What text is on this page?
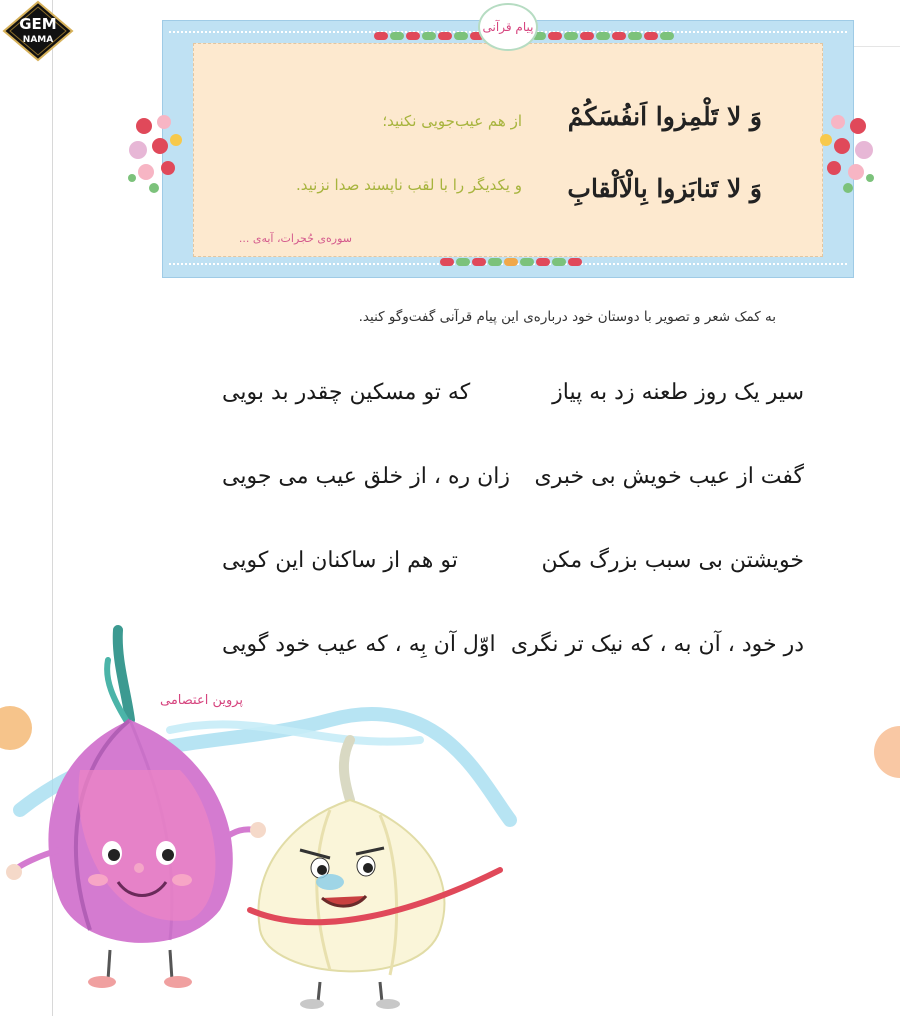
GEM
NAMA
وَ لا تَلْمِزوا اَنفُسَکُمْ
وَ لا تَنابَزوا بِالْاَلْقابِ
از هم عیب‌جویی نکنید؛
و یکدیگر را با لقب ناپسند صدا نزنید.
سوره‌ی حُجرات، آیه‌ی ...
پیام قرآنی
به کمک شعر و تصویر با دوستان خود درباره‌ی این پیام قرآنی گفت‌وگو کنید.
سیر یک روز طعنه زد به پیاز
که تو مسکین چقدر بد بویی
گفت از عیب خویش بی خبری
زان ره ، از خلق عیب می جویی
خویشتن بی سبب بزرگ مکن
تو هم از ساکنان این کویی
در خود ، آن به ، که نیک تر نگری
اوّل آن بِه ، که عیب خود گویی
پروین اعتصامی
